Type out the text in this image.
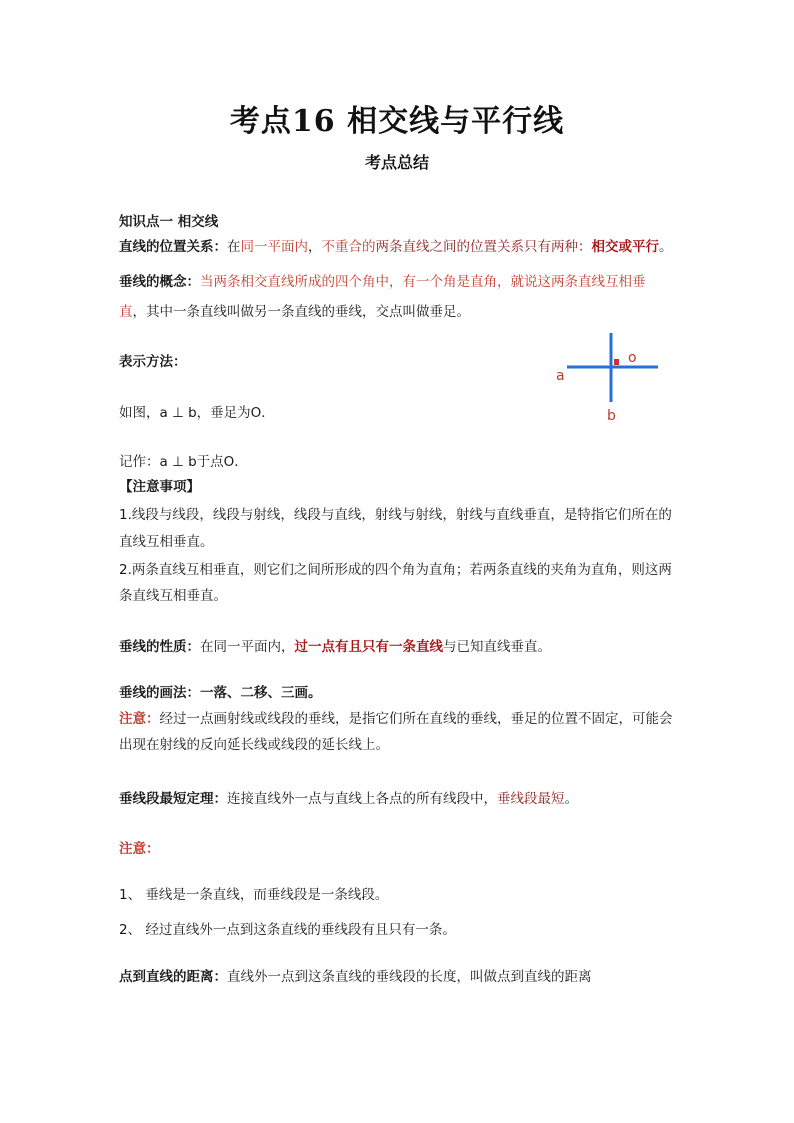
考点16 相交线与平行线
考点总结
知识点一 相交线
直线的位置关系：在同一平面内，不重合的两条直线之间的位置关系只有两种：相交或平行。
垂线的概念：当两条相交直线所成的四个角中，有一个角是直角，就说这两条直线互相垂
直，其中一条直线叫做另一条直线的垂线，交点叫做垂足。
表示方法：
a
b
o
如图，a ⊥ b，垂足为O．
记作：a ⊥ b于点O．
【注意事项】
1.线段与线段，线段与射线，线段与直线，射线与射线，射线与直线垂直，是特指它们所在的
直线互相垂直。
2.两条直线互相垂直，则它们之间所形成的四个角为直角；若两条直线的夹角为直角，则这两
条直线互相垂直。
垂线的性质：在同一平面内，过一点有且只有一条直线与已知直线垂直。
垂线的画法：一落、二移、三画。
注意：经过一点画射线或线段的垂线，是指它们所在直线的垂线，垂足的位置不固定，可能会
出现在射线的反向延长线或线段的延长线上。
垂线段最短定理：连接直线外一点与直线上各点的所有线段中，垂线段最短。
注意：
1、 垂线是一条直线，而垂线段是一条线段。
2、 经过直线外一点到这条直线的垂线段有且只有一条。
点到直线的距离：直线外一点到这条直线的垂线段的长度，叫做点到直线的距离
